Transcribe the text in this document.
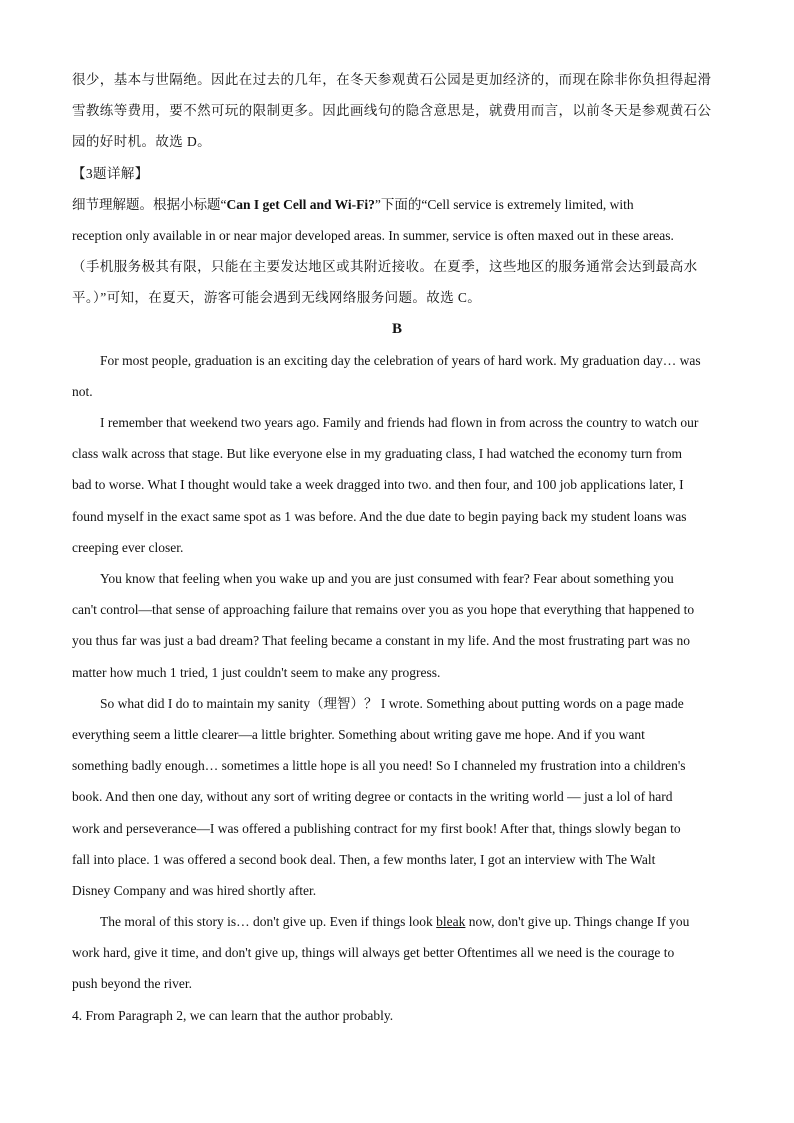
很少，基本与世隔绝。因此在过去的几年，在冬天参观黄石公园是更加经济的，而现在除非你负担得起滑
雪教练等费用，要不然可玩的限制更多。因此画线句的隐含意思是，就费用而言，以前冬天是参观黄石公
园的好时机。故选 D。
【3题详解】
细节理解题。根据小标题“Can I get Cell and Wi-Fi?”下面的“Cell service is extremely limited, with
reception only available in or near major developed areas. In summer, service is often maxed out in these areas.
（手机服务极其有限，只能在主要发达地区或其附近接收。在夏季，这些地区的服务通常会达到最高水
平。）”可知，在夏天，游客可能会遇到无线网络服务问题。故选 C。
B
For most people, graduation is an exciting day the celebration of years of hard work. My graduation day… was
not.
I remember that weekend two years ago. Family and friends had flown in from across the country to watch our
class walk across that stage. But like everyone else in my graduating class, I had watched the economy turn from
bad to worse. What I thought would take a week dragged into two. and then four, and 100 job applications later, I
found myself in the exact same spot as 1 was before. And the due date to begin paying back my student loans was
creeping ever closer.
You know that feeling when you wake up and you are just consumed with fear? Fear about something you
can't control—that sense of approaching failure that remains over you as you hope that everything that happened to
you thus far was just a bad dream? That feeling became a constant in my life. And the most frustrating part was no
matter how much 1 tried, 1 just couldn't seem to make any progress.
So what did I do to maintain my sanity（理智）？ I wrote. Something about putting words on a page made
everything seem a little clearer—a little brighter. Something about writing gave me hope. And if you want
something badly enough… sometimes a little hope is all you need! So I channeled my frustration into a children's
book. And then one day, without any sort of writing degree or contacts in the writing world — just a lol of hard
work and perseverance—I was offered a publishing contract for my first book! After that, things slowly began to
fall into place. 1 was offered a second book deal. Then, a few months later, I got an interview with The Walt
Disney Company and was hired shortly after.
The moral of this story is… don't give up. Even if things look bleak now, don't give up. Things change If you
work hard, give it time, and don't give up, things will always get better Oftentimes all we need is the courage to
push beyond the river.
4. From Paragraph 2, we can learn that the author probably.
